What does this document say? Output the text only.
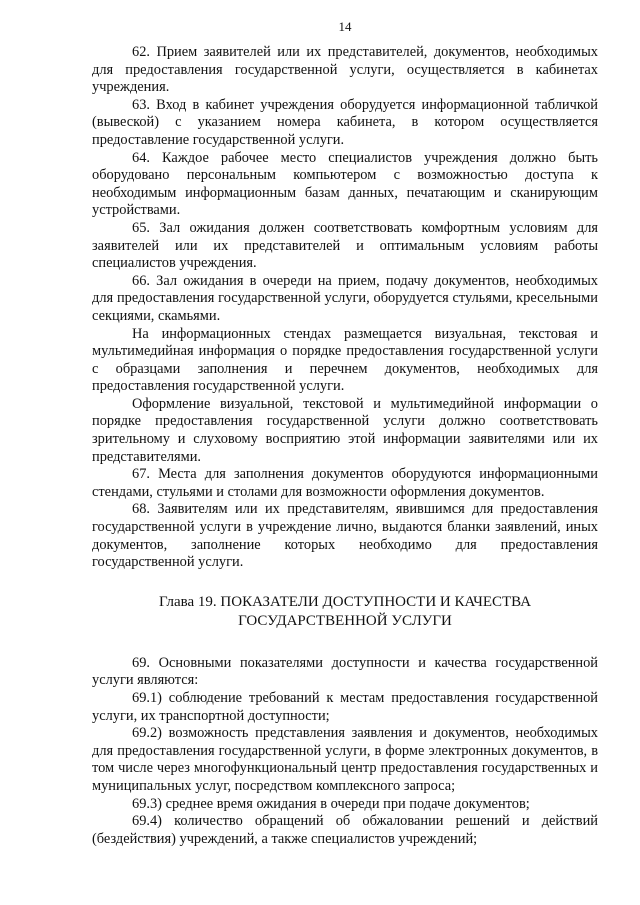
14

62. Прием заявителей или их представителей, документов, необходимых для предоставления государственной услуги, осуществляется в кабинетах учреждения.

63. Вход в кабинет учреждения оборудуется информационной табличкой (вывеской) с указанием номера кабинета, в котором осуществляется предоставление государственной услуги.

64. Каждое рабочее место специалистов учреждения должно быть оборудовано персональным компьютером с возможностью доступа к необходимым информационным базам данных, печатающим и сканирующим устройствами.

65. Зал ожидания должен соответствовать комфортным условиям для заявителей или их представителей и оптимальным условиям работы специалистов учреждения.

66. Зал ожидания в очереди на прием, подачу документов, необходимых для предоставления государственной услуги, оборудуется стульями, кресельными секциями, скамьями.

На информационных стендах размещается визуальная, текстовая и мультимедийная информация о порядке предоставления государственной услуги с образцами заполнения и перечнем документов, необходимых для предоставления государственной услуги.

Оформление визуальной, текстовой и мультимедийной информации о порядке предоставления государственной услуги должно соответствовать зрительному и слуховому восприятию этой информации заявителями или их представителями.

67. Места для заполнения документов оборудуются информационными стендами, стульями и столами для возможности оформления документов.

68. Заявителям или их представителям, явившимся для предоставления государственной услуги в учреждение лично, выдаются бланки заявлений, иных документов, заполнение которых необходимо для предоставления государственной услуги.

Глава 19. ПОКАЗАТЕЛИ ДОСТУПНОСТИ И КАЧЕСТВА
ГОСУДАРСТВЕННОЙ УСЛУГИ

69. Основными показателями доступности и качества государственной услуги являются:

69.1) соблюдение требований к местам предоставления государственной услуги, их транспортной доступности;

69.2) возможность представления заявления и документов, необходимых для предоставления государственной услуги, в форме электронных документов, в том числе через многофункциональный центр предоставления государственных и муниципальных услуг, посредством комплексного запроса;

69.3) среднее время ожидания в очереди при подаче документов;

69.4) количество обращений об обжаловании решений и действий (бездействия) учреждений, а также специалистов учреждений;
